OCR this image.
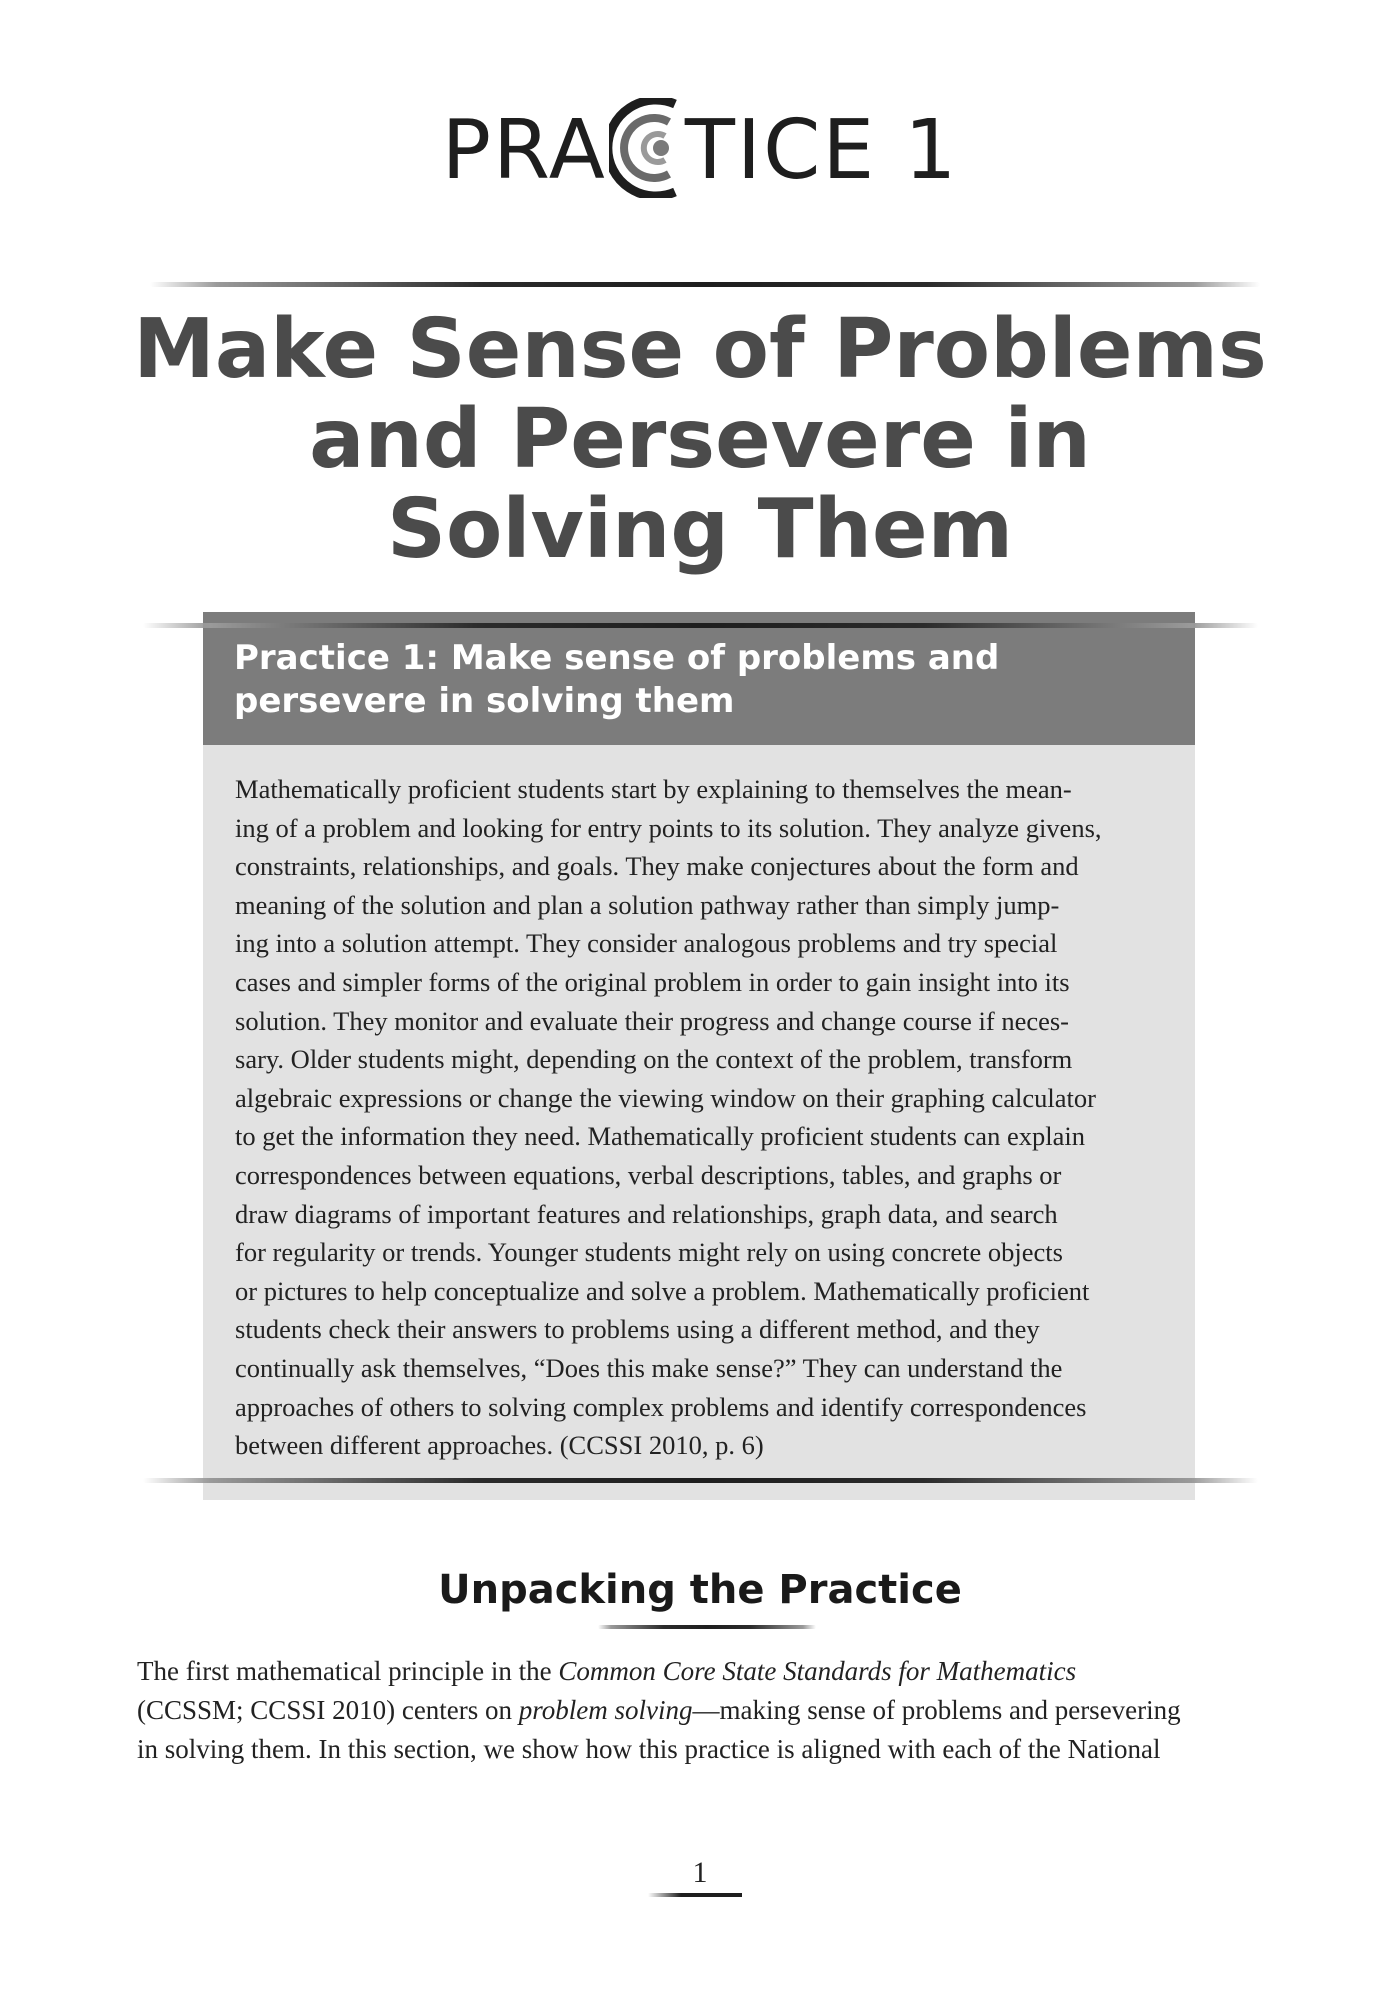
PRA TICE 1
Make Sense of Problems
and Persevere in
Solving Them
Practice 1: Make sense of problems and
persevere in solving them
Mathematically proficient students start by explaining to themselves the mean-
ing of a problem and looking for entry points to its solution. They analyze givens,
constraints, relationships, and goals. They make conjectures about the form and
meaning of the solution and plan a solution pathway rather than simply jump-
ing into a solution attempt. They consider analogous problems and try special
cases and simpler forms of the original problem in order to gain insight into its
solution. They monitor and evaluate their progress and change course if neces-
sary. Older students might, depending on the context of the problem, transform
algebraic expressions or change the viewing window on their graphing calculator
to get the information they need. Mathematically proficient students can explain
correspondences between equations, verbal descriptions, tables, and graphs or
draw diagrams of important features and relationships, graph data, and search
for regularity or trends. Younger students might rely on using concrete objects
or pictures to help conceptualize and solve a problem. Mathematically proficient
students check their answers to problems using a different method, and they
continually ask themselves, “Does this make sense?” They can understand the
approaches of others to solving complex problems and identify correspondences
between different approaches. (CCSSI 2010, p. 6)
Unpacking the Practice
The first mathematical principle in the Common Core State Standards for Mathematics
(CCSSM; CCSSI 2010) centers on problem solving—making sense of problems and persevering
in solving them. In this section, we show how this practice is aligned with each of the National
1
